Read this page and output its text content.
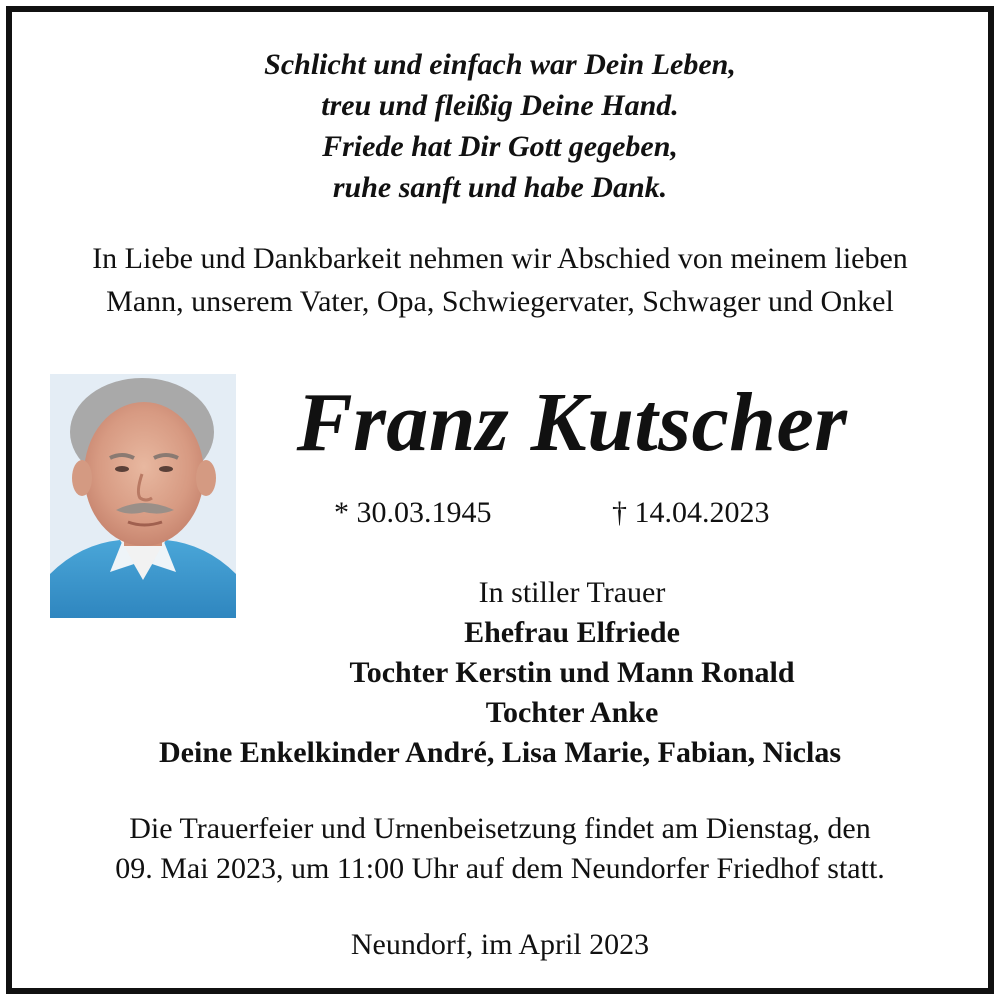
Schlicht und einfach war Dein Leben,
treu und fleißig Deine Hand.
Friede hat Dir Gott gegeben,
ruhe sanft und habe Dank.
In Liebe und Dankbarkeit nehmen wir Abschied von meinem lieben
Mann, unserem Vater, Opa, Schwiegervater, Schwager und Onkel
Franz Kutscher
* 30.03.1945	† 14.04.2023
In stiller Trauer
Ehefrau Elfriede
Tochter Kerstin und Mann Ronald
Tochter Anke
Deine Enkelkinder André, Lisa Marie, Fabian, Niclas
Die Trauerfeier und Urnenbeisetzung findet am Dienstag, den
09. Mai 2023, um 11:00 Uhr auf dem Neundorfer Friedhof statt.
Neundorf, im April 2023
